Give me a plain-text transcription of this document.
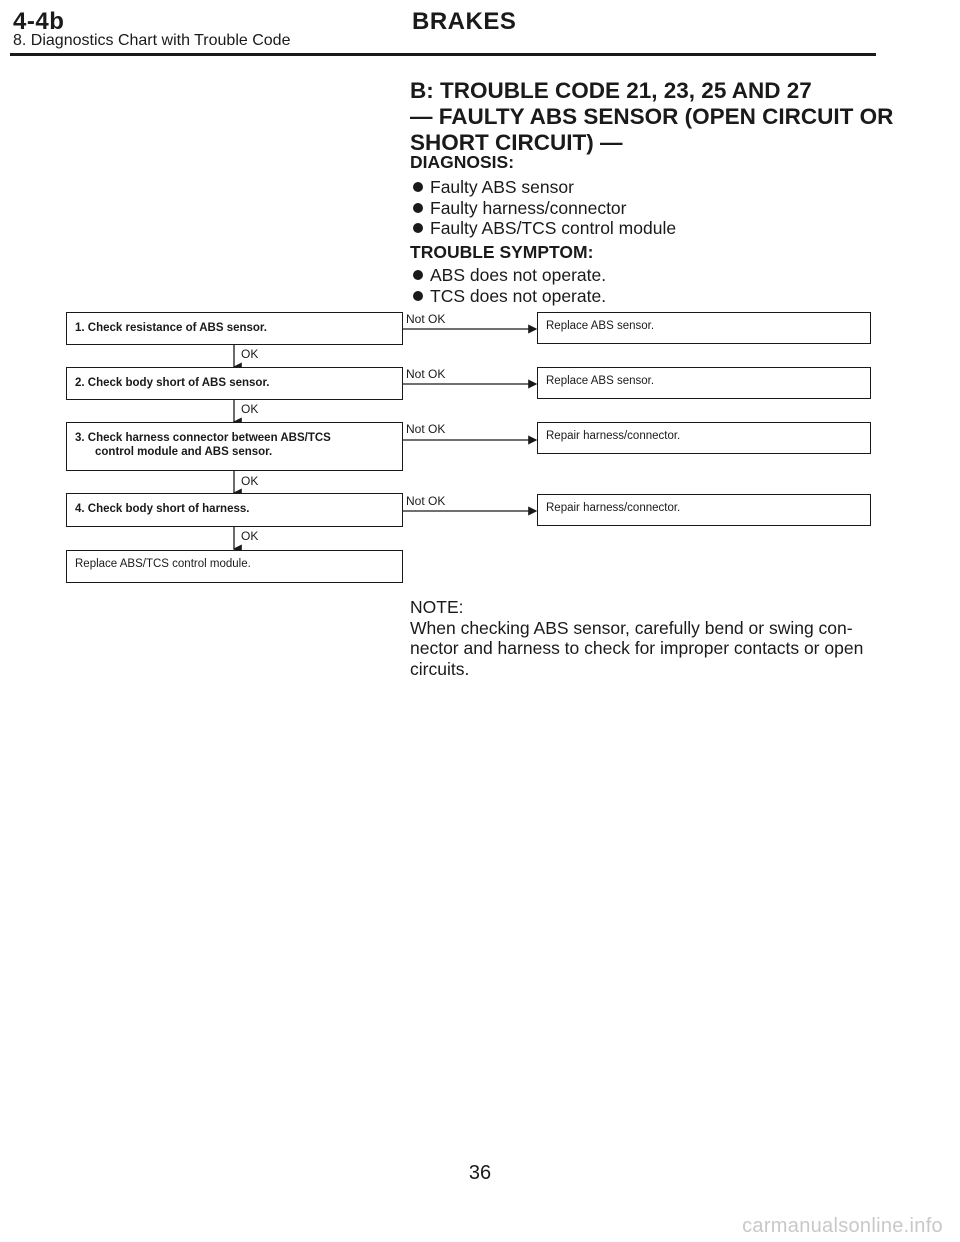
4-4b	BRAKES
8. Diagnostics Chart with Trouble Code
B: TROUBLE CODE 21, 23, 25 AND 27
— FAULTY ABS SENSOR (OPEN CIRCUIT OR
SHORT CIRCUIT) —
DIAGNOSIS:
Faulty ABS sensor
Faulty harness/connector
Faulty ABS/TCS control module
TROUBLE SYMPTOM:
ABS does not operate.
TCS does not operate.
1. Check resistance of ABS sensor.
Not OK	Replace ABS sensor.
OK
2. Check body short of ABS sensor.
Not OK	Replace ABS sensor.
OK
3. Check harness connector between ABS/TCS
control module and ABS sensor.
Not OK	Repair harness/connector.
OK
4. Check body short of harness.
Not OK	Repair harness/connector.
OK
Replace ABS/TCS control module.
NOTE:
When checking ABS sensor, carefully bend or swing con-
nector and harness to check for improper contacts or open
circuits.
36
carmanualsonline.info
